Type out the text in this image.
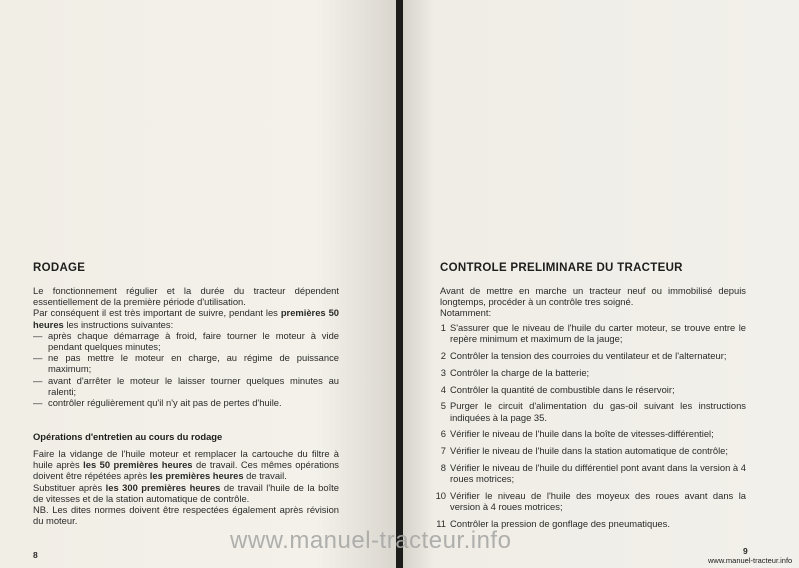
RODAGE

Le fonctionnement régulier et la durée du tracteur dépendent essentiellement de la première période d'utilisation.

Par conséquent il est très important de suivre, pendant les premières 50 heures les instructions suivantes:

— après chaque démarrage à froid, faire tourner le moteur à vide pendant quelques minutes;
— ne pas mettre le moteur en charge, au régime de puissance maximum;
— avant d'arrêter le moteur le laisser tourner quelques minutes au ralenti;
— contrôler régulièrement qu'il n'y ait pas de pertes d'huile.
Opérations d'entretien au cours du rodage

Faire la vidange de l'huile moteur et remplacer la cartouche du filtre à huile après les 50 premières heures de travail. Ces mêmes opérations doivent être répétées après les premières heures de travail.

Substituer après les 300 premières heures de travail l'huile de la boîte de vitesses et de la station automatique de contrôle.

NB. Les dites normes doivent être respectées également après révision du moteur.
8
CONTROLE PRELIMINARE DU TRACTEUR

Avant de mettre en marche un tracteur neuf ou immobilisé depuis longtemps, procéder à un contrôle tres soigné.

Notamment:

1 S'assurer que le niveau de l'huile du carter moteur, se trouve entre le repère minimum et maximum de la jauge;
2 Contrôler la tension des courroies du ventilateur et de l'alternateur;
3 Contrôler la charge de la batterie;
4 Contrôler la quantité de combustible dans le réservoir;
5 Purger le circuit d'alimentation du gas-oil suivant les instructions indiquées à la page 35.
6 Vérifier le niveau de l'huile dans la boîte de vitesses-différentiel;
7 Vérifier le niveau de l'huile dans la station automatique de contrôle;
8 Vérifier le niveau de l'huile du différentiel pont avant dans la version à 4 roues motrices;
10 Vérifier le niveau de l'huile des moyeux des roues avant dans la version à 4 roues motrices;
11 Contrôler la pression de gonflage des pneumatiques.
9
www.manuel-tracteur.info
www.manuel-tracteur.info
